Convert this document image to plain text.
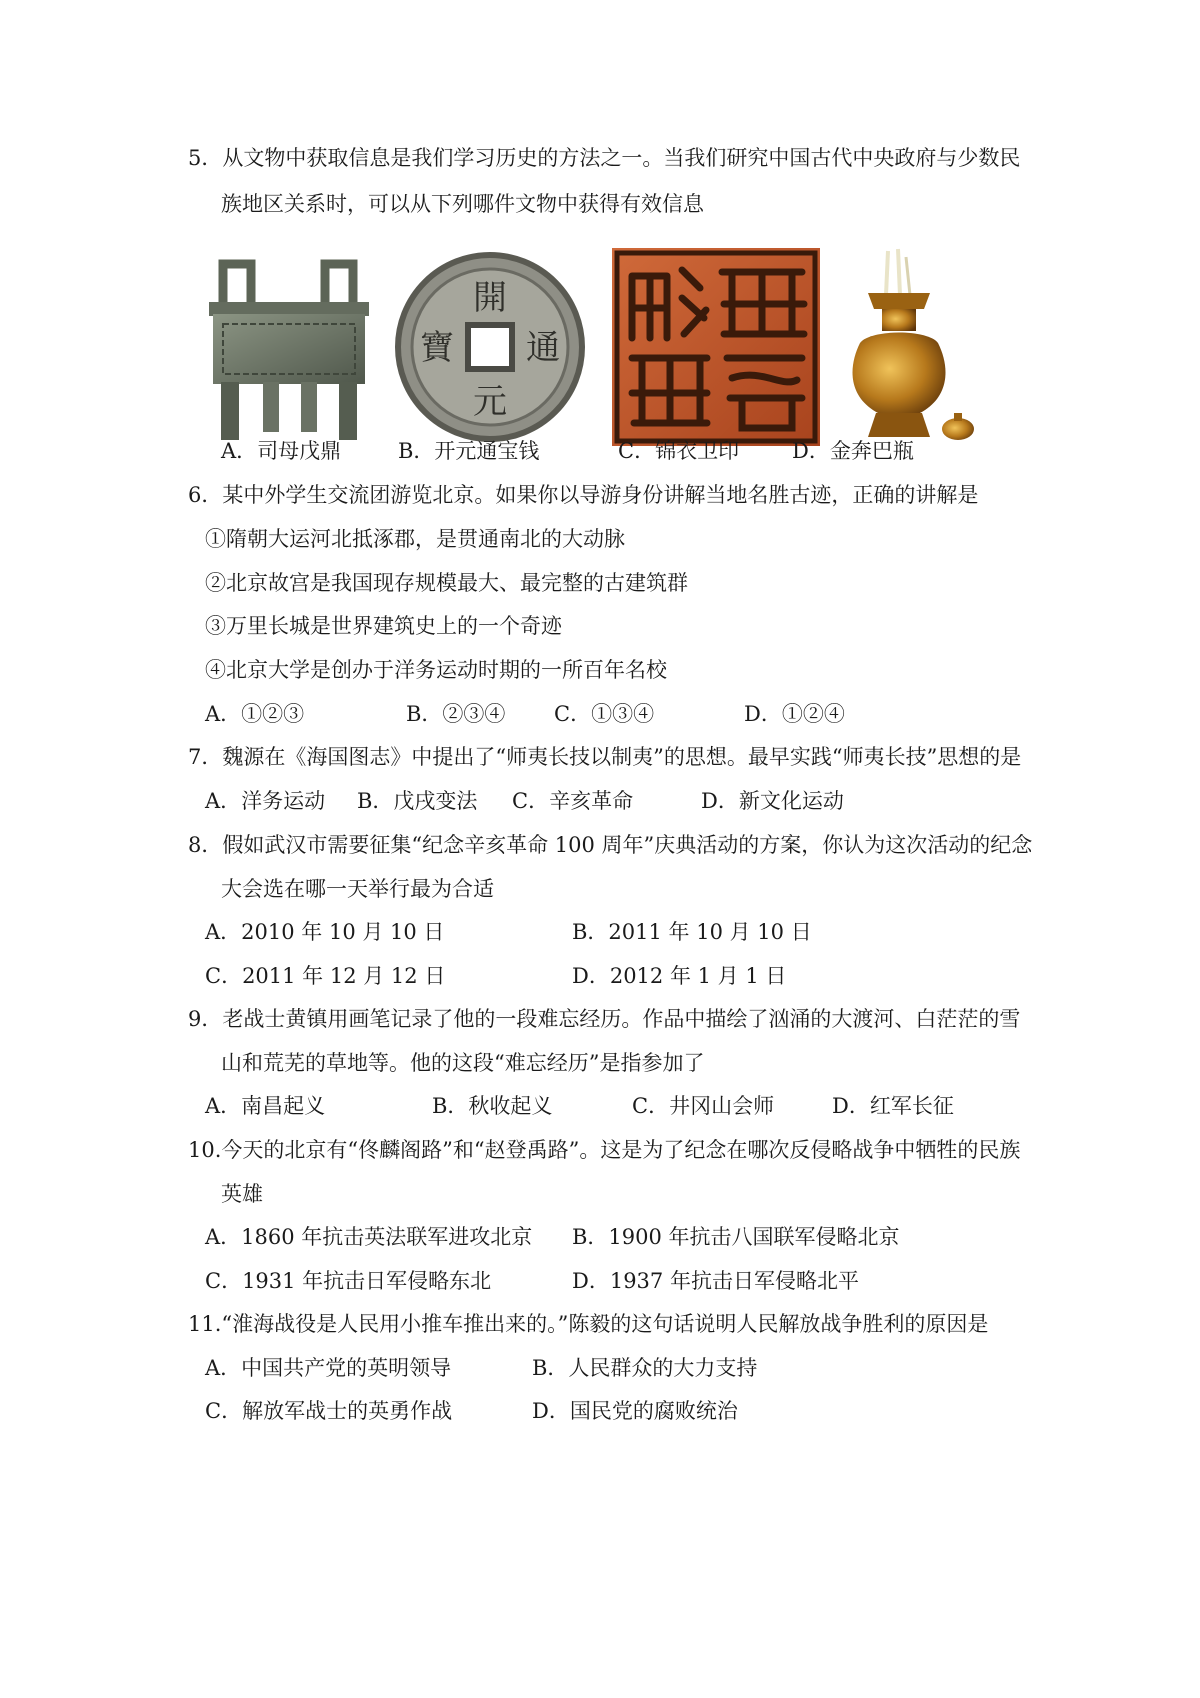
5．从文物中获取信息是我们学习历史的方法之一。当我们研究中国古代中央政府与少数民
族地区关系时，可以从下列哪件文物中获得有效信息
開
通
元
寶
A．司母戊鼎	B．开元通宝钱	C．锦衣卫印	D．金奔巴瓶
6．某中外学生交流团游览北京。如果你以导游身份讲解当地名胜古迹，正确的讲解是
①隋朝大运河北抵涿郡，是贯通南北的大动脉
②北京故宫是我国现存规模最大、最完整的古建筑群
③万里长城是世界建筑史上的一个奇迹
④北京大学是创办于洋务运动时期的一所百年名校
A．①②③	B．②③④ C．①③④	D．①②④
7．魏源在《海国图志》中提出了“师夷长技以制夷”的思想。最早实践“师夷长技”思想的是
A．洋务运动 B．戊戌变法 C．辛亥革命	D．新文化运动
8．假如武汉市需要征集“纪念辛亥革命 100 周年”庆典活动的方案，你认为这次活动的纪念
大会选在哪一天举行最为合适
A．2010 年 10 月 10 日	B．2011 年 10 月 10 日
C．2011 年 12 月 12 日	D．2012 年 1 月 1 日
9．老战士黄镇用画笔记录了他的一段难忘经历。作品中描绘了汹涌的大渡河、白茫茫的雪
山和荒芜的草地等。他的这段“难忘经历”是指参加了
A．南昌起义	B．秋收起义	C．井冈山会师	D．红军长征
10.今天的北京有“佟麟阁路”和“赵登禹路”。这是为了纪念在哪次反侵略战争中牺牲的民族
英雄
A．1860 年抗击英法联军进攻北京 B．1900 年抗击八国联军侵略北京
C．1931 年抗击日军侵略东北	D．1937 年抗击日军侵略北平
11.“淮海战役是人民用小推车推出来的。”陈毅的这句话说明人民解放战争胜利的原因是
A．中国共产党的英明领导	B．人民群众的大力支持
C．解放军战士的英勇作战	D．国民党的腐败统治
